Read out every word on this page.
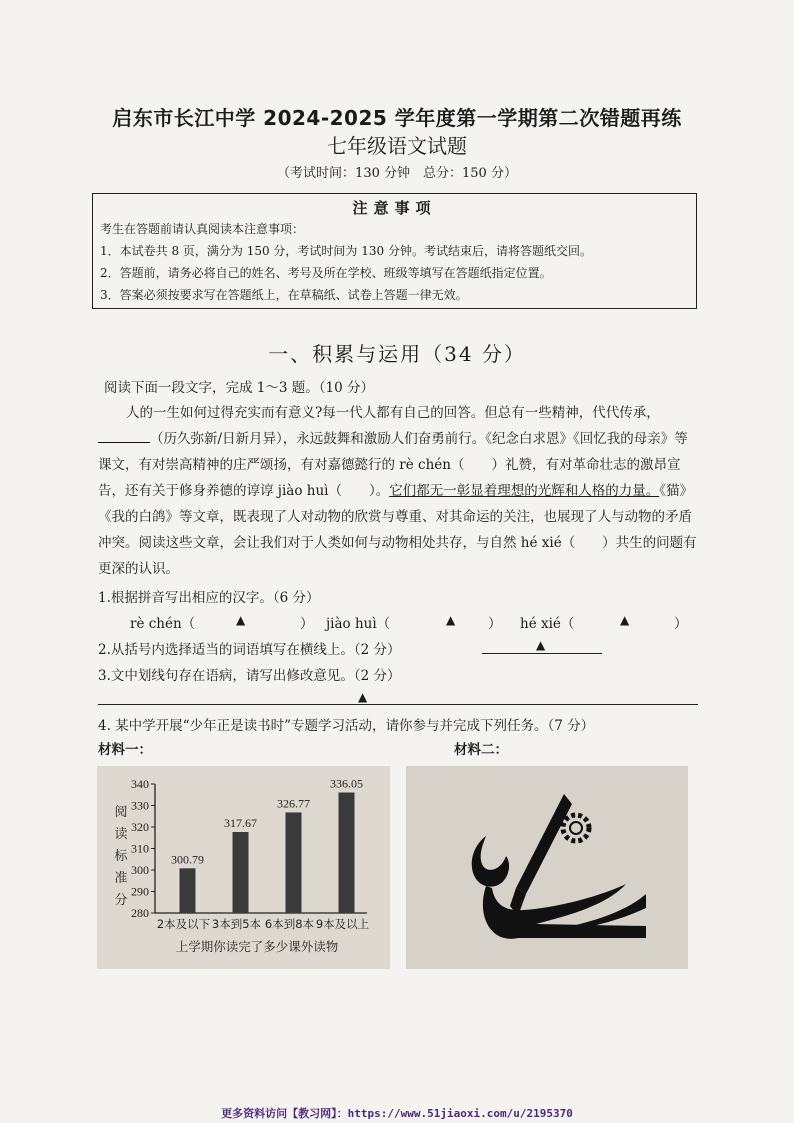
启东市长江中学 2024-2025 学年度第一学期第二次错题再练
七年级语文试题
（考试时间：130 分钟　总分：150 分）
注意事项
考生在答题前请认真阅读本注意事项：
1．本试卷共 8 页，满分为 150 分，考试时间为 130 分钟。考试结束后，请将答题纸交回。
2．答题前，请务必将自己的姓名、考号及所在学校、班级等填写在答题纸指定位置。
3．答案必须按要求写在答题纸上，在草稿纸、试卷上答题一律无效。
一、积累与运用（34 分）
阅读下面一段文字，完成 1～3 题。（10 分）
人的一生如何过得充实而有意义?每一代人都有自己的回答。但总有一些精神，代代传承，（历久弥新/日新月异），永远鼓舞和激励人们奋勇前行。《纪念白求恩》《回忆我的母亲》等课文，有对崇高精神的庄严颂扬，有对嘉德懿行的 rè chén（　　）礼赞，有对革命壮志的激昂宣告，还有关于修身养德的谆谆 jiào huì（　　）。它们都无一彰显着理想的光辉和人格的力量。《猫》《我的白鸽》等文章，既表现了人对动物的欣赏与尊重、对其命运的关注，也展现了人与动物的矛盾冲突。阅读这些文章，会让我们对于人类如何与动物相处共存，与自然 hé xié（　　）共生的问题有更深的认识。
1.根据拼音写出相应的汉字。（6 分）
rè chén（	▲	） jiào huì（	▲ ） hé xié（	▲	）
2.从括号内选择适当的词语填写在横线上。（2 分）	▲
3.文中划线句存在语病，请写出修改意见。（2 分）
▲
4. 某中学开展“少年正是读书时”专题学习活动，请你参与并完成下列任务。（7 分）
材料一：	材料二：
280
290
300
310
320
330
340
阅
读
标
准
分
300.79
2本及以下
317.67
3本到5本
326.77
6本到8本
336.05
9本及以上
上学期你读完了多少课外读物
更多资料访问【教习网】：https://www.51jiaoxi.com/u/2195370
